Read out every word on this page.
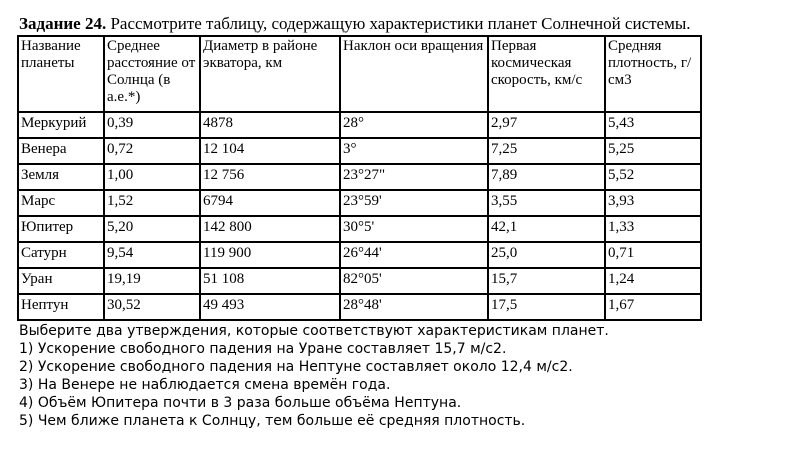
Задание 24. Рассмотрите таблицу, содержащую характеристики планет Солнечной системы.
Название планеты	Среднее расстояние от Солнца (в а.е.*)	Диаметр в районе экватора, км	Наклон оси вращения	Первая космическая скорость, км/с	Средняя плотность, г/см3
Меркурий	0,39	4878	28°	2,97	5,43
Венера	0,72	12 104	3°	7,25	5,25
Земля	1,00	12 756	23°27"	7,89	5,52
Марс	1,52	6794	23°59'	3,55	3,93
Юпитер	5,20	142 800	30°5'	42,1	1,33
Сатурн	9,54	119 900	26°44'	25,0	0,71
Уран	19,19	51 108	82°05'	15,7	1,24
Нептун	30,52	49 493	28°48'	17,5	1,67
Выберите два утверждения, которые соответствуют характеристикам планет.
1) Ускорение свободного падения на Уране составляет 15,7 м/с2.
2) Ускорение свободного падения на Нептуне составляет около 12,4 м/с2.
3) На Венере не наблюдается смена времён года.
4) Объём Юпитера почти в 3 раза больше объёма Нептуна.
5) Чем ближе планета к Солнцу, тем больше её средняя плотность.
